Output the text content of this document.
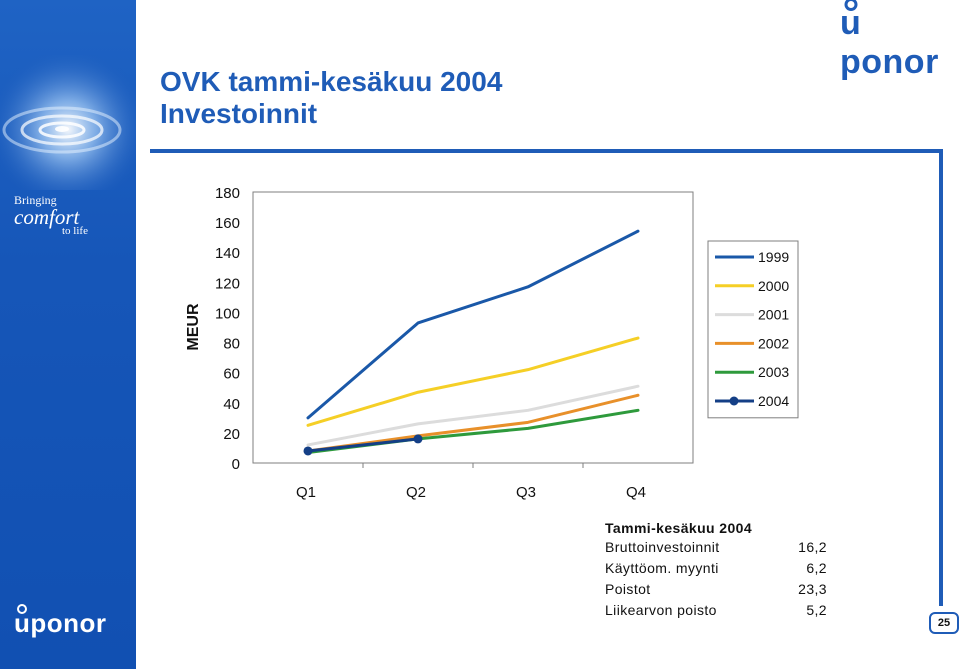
Bringing
comfort
to life
u
ponor
u
ponor
OVK tammi-kesäkuu 2004
Investoinnit
0
20
40
60
80
100
120
140
160
180
Q1	Q2	Q3	Q4
MEUR
1999
2000
2001
2002
2003
2004
Tammi-kesäkuu 2004
Bruttoinvestoinnit	16,2
Käyttöom. myynti	6,2
Poistot	23,3
Liikearvon poisto	5,2
25
